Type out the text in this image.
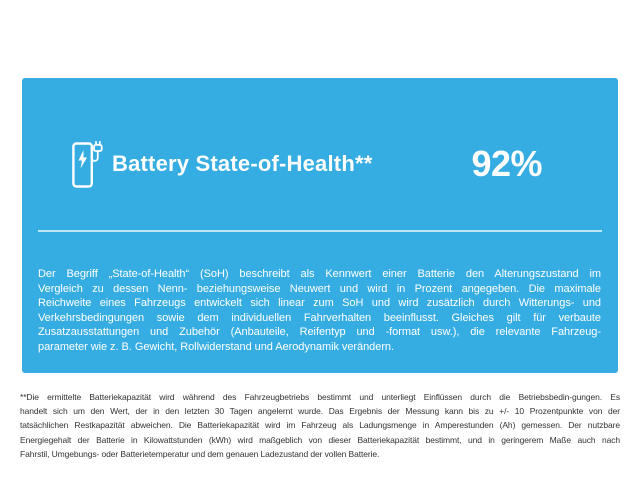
Battery State-of-Health**	92%
Der Begriff „State-of-Health“ (SoH) beschreibt als Kennwert einer Batterie den Alterungszustand im
Vergleich zu dessen Nenn- beziehungsweise Neuwert und wird in Prozent angegeben. Die maximale
Reichweite eines Fahrzeugs entwickelt sich linear zum SoH und wird zusätzlich durch Witterungs- und
Verkehrsbedingungen sowie dem individuellen Fahrverhalten beeinflusst. Gleiches gilt für verbaute
Zusatzausstattungen und Zubehör (Anbauteile, Reifentyp und -format usw.), die relevante Fahrzeug-
parameter wie z. B. Gewicht, Rollwiderstand und Aerodynamik verändern.
**Die ermittelte Batteriekapazität wird während des Fahrzeugbetriebs bestimmt und unterliegt Einflüssen durch die Betriebsbedin-gungen. Es
handelt sich um den Wert, der in den letzten 30 Tagen angelernt wurde. Das Ergebnis der Messung kann bis zu +/- 10 Prozentpunkte von der
tatsächlichen Restkapazität abweichen. Die Batteriekapazität wird im Fahrzeug als Ladungsmenge in Amperestunden (Ah) gemessen. Der nutzbare
Energiegehalt der Batterie in Kilowattstunden (kWh) wird maßgeblich von dieser Batteriekapazität bestimmt, und in geringerem Maße auch nach
Fahrstil, Umgebungs- oder Batterietemperatur und dem genauen Ladezustand der vollen Batterie.
